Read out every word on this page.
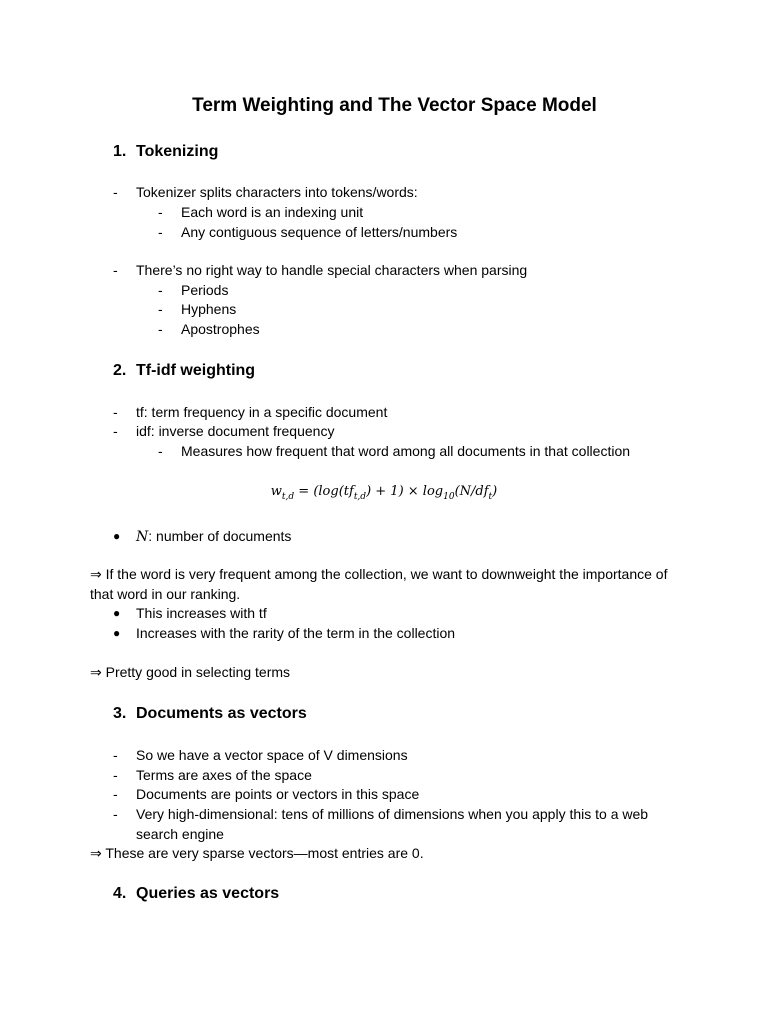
Term Weighting and The Vector Space Model
1. Tokenizing
- Tokenizer splits characters into tokens/words:
- Each word is an indexing unit
- Any contiguous sequence of letters/numbers
- There’s no right way to handle special characters when parsing
- Periods
- Hyphens
- Apostrophes
2. Tf-idf weighting
- tf: term frequency in a specific document
- idf: inverse document frequency
- Measures how frequent that word among all documents in that collection
$w_{t,d} = (\log(tf_{t,d}) + 1) \times \log_{10}(N/df_t)$
● N: number of documents
⇒ If the word is very frequent among the collection, we want to downweight the importance of
that word in our ranking.
● This increases with tf
● Increases with the rarity of the term in the collection
⇒ Pretty good in selecting terms
3. Documents as vectors
- So we have a vector space of V dimensions
- Terms are axes of the space
- Documents are points or vectors in this space
- Very high-dimensional: tens of millions of dimensions when you apply this to a web
search engine
⇒ These are very sparse vectors—most entries are 0.
4. Queries as vectors
